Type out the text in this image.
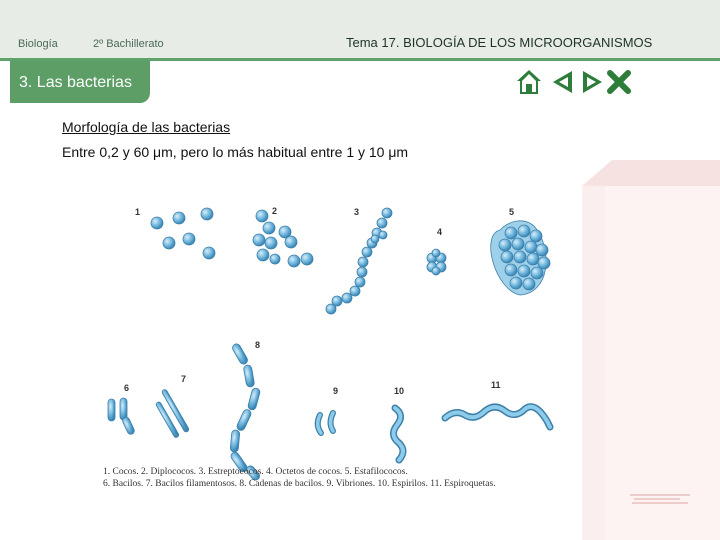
Biología	2º Bachillerato	Tema 17. BIOLOGÍA DE LOS MICROORGANISMOS
3. Las bacterias
Morfología de las bacterias
Entre 0,2 y 60 μm, pero lo más habitual entre 1 y 10 μm
1	2	3
4
5
6
7
8
9	10
11
1. Cocos. 2. Diplococos. 3. Estreptococos. 4. Octetos de cocos. 5. Estafilococos.
6. Bacilos. 7. Bacilos filamentosos. 8. Cadenas de bacilos. 9. Vibriones. 10. Espirilos. 11. Espiroquetas.
